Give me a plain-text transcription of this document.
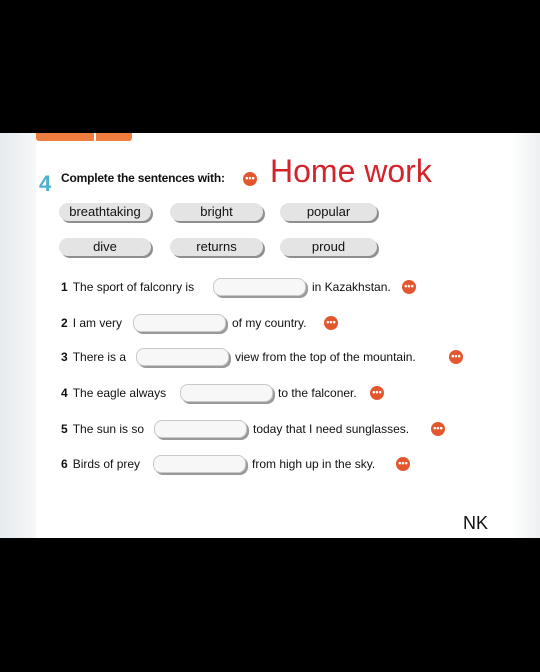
4 Complete the sentences with: ••• Home work
breathtaking	bright	popular
dive	returns	proud
1 The sport of falconry is	in Kazakhstan. •••
2 I am very	of my country. •••
3 There is a	view from the top of the mountain.	•••
4 The eagle always	to the falconer. •••
5 The sun is so	today that I need sunglasses.	•••
6 Birds of prey	from high up in the sky.	•••
NK
